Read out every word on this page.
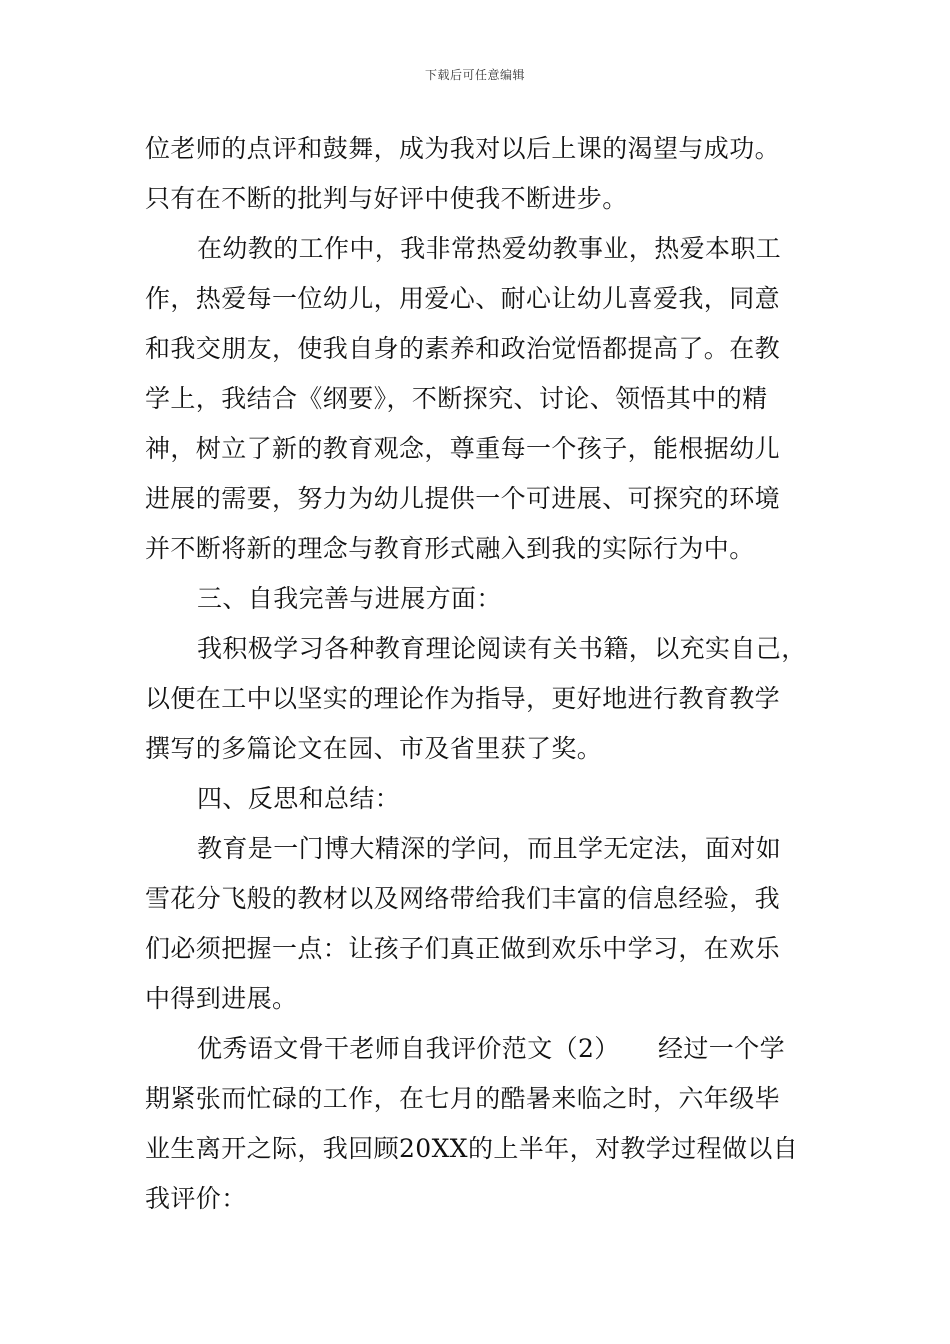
下载后可任意编辑
位老师的点评和鼓舞，成为我对以后上课的渴望与成功。
只有在不断的批判与好评中使我不断进步。
在幼教的工作中，我非常热爱幼教事业，热爱本职工
作，热爱每一位幼儿，用爱心、耐心让幼儿喜爱我，同意
和我交朋友，使我自身的素养和政治觉悟都提高了。在教
学上，我结合《纲要》，不断探究、讨论、领悟其中的精
神，树立了新的教育观念，尊重每一个孩子，能根据幼儿
进展的需要，努力为幼儿提供一个可进展、可探究的环境
并不断将新的理念与教育形式融入到我的实际行为中。
三、自我完善与进展方面：
我积极学习各种教育理论阅读有关书籍，以充实自己，
以便在工中以坚实的理论作为指导，更好地进行教育教学
撰写的多篇论文在园、市及省里获了奖。
四、反思和总结：
教育是一门博大精深的学问，而且学无定法，面对如
雪花分飞般的教材以及网络带给我们丰富的信息经验，我
们必须把握一点：让孩子们真正做到欢乐中学习，在欢乐
中得到进展。
优秀语文骨干老师自我评价范文（2）　　经过一个学
期紧张而忙碌的工作，在七月的酷暑来临之时，六年级毕
业生离开之际，我回顾20XX的上半年，对教学过程做以自
我评价：
